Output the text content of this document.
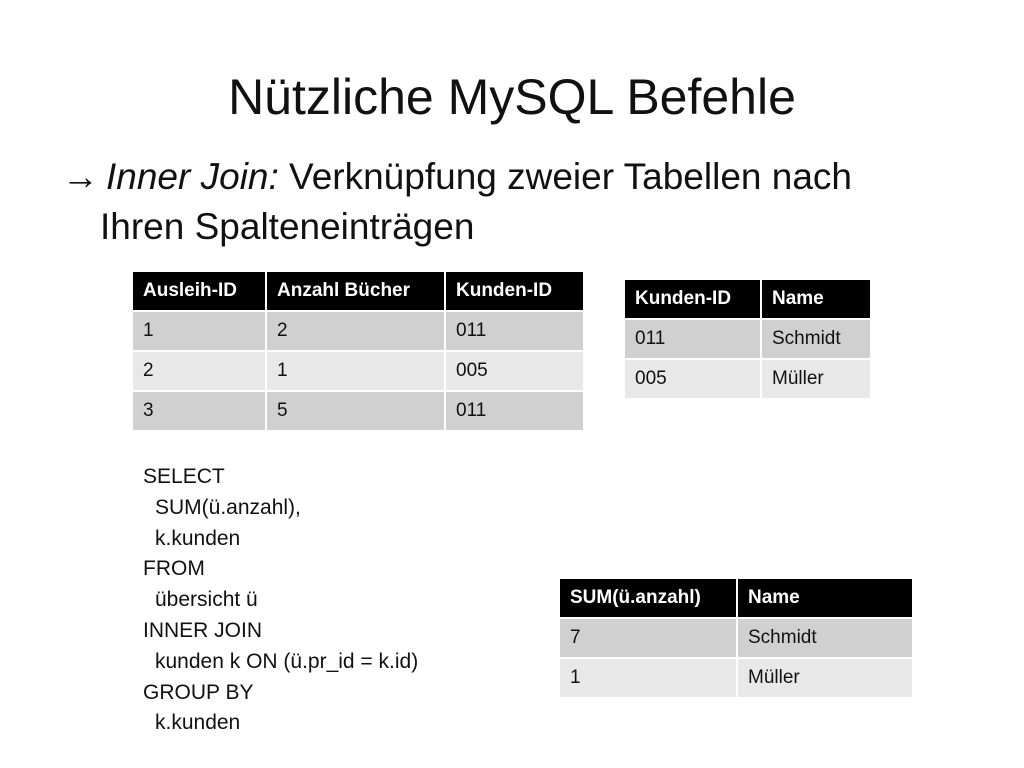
Nützliche MySQL Befehle
→ Inner Join: Verknüpfung zweier Tabellen nach
Ihren Spalteneinträgen
Ausleih-ID	Anzahl Bücher	Kunden-ID
1	2	011
2	1	005
3	5	011
Kunden-ID	Name
011	Schmidt
005	Müller
SELECT
SUM(ü.anzahl),
k.kunden
FROM
übersicht ü
INNER JOIN
kunden k ON (ü.pr_id = k.id)
GROUP BY
k.kunden
SUM(ü.anzahl)	Name
7	Schmidt
1	Müller
